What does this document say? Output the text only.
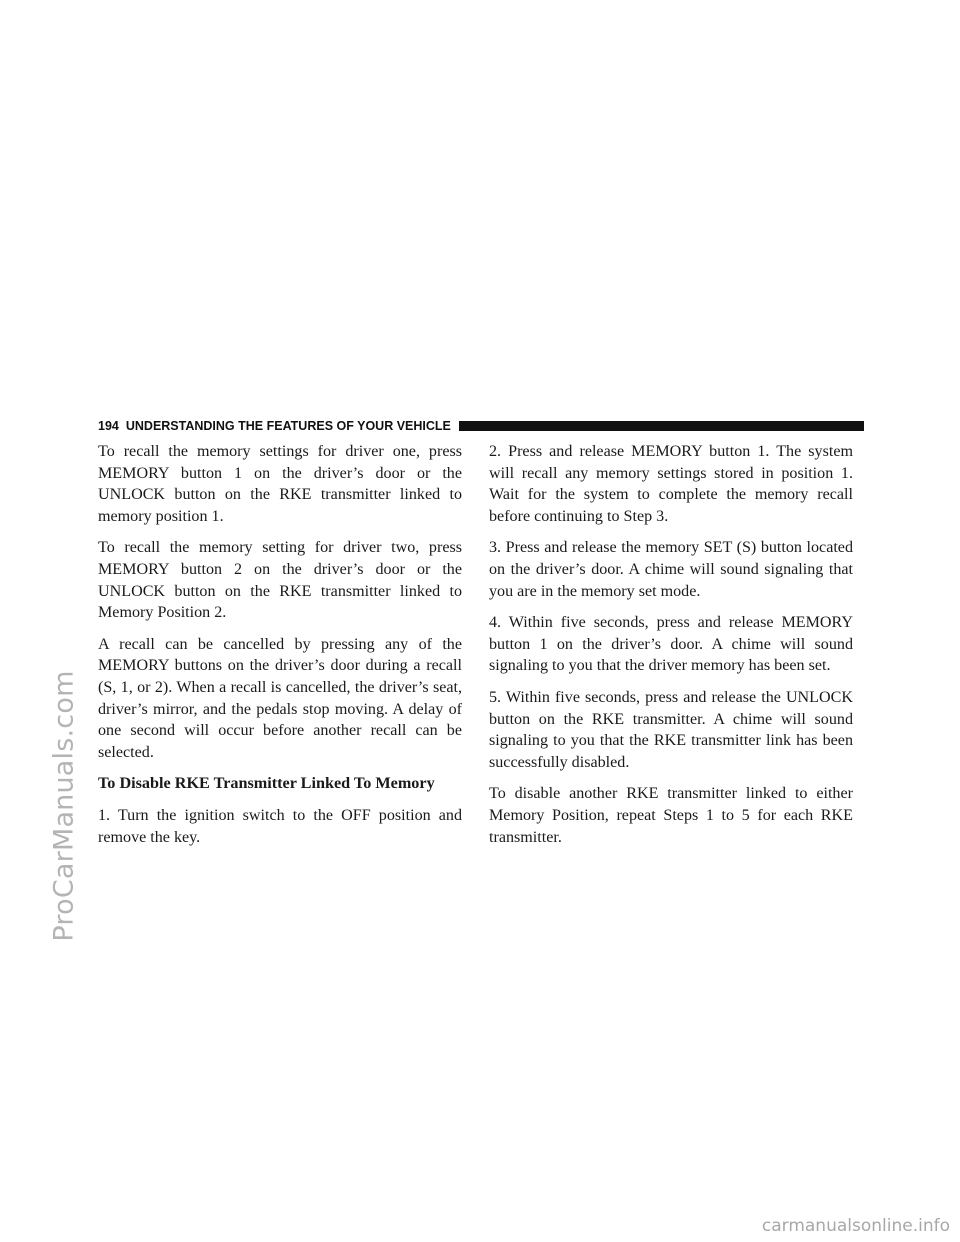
ProCarManuals.com
194 UNDERSTANDING THE FEATURES OF YOUR VEHICLE

To recall the memory settings for driver one, press MEMORY button 1 on the driver’s door or the UNLOCK button on the RKE transmitter linked to memory position 1.

To recall the memory setting for driver two, press MEMORY button 2 on the driver’s door or the UNLOCK button on the RKE transmitter linked to Memory Position 2.

A recall can be cancelled by pressing any of the MEMORY buttons on the driver’s door during a recall (S, 1, or 2). When a recall is cancelled, the driver’s seat, driver’s mirror, and the pedals stop moving. A delay of one second will occur before another recall can be selected.

To Disable RKE Transmitter Linked To Memory

1. Turn the ignition switch to the OFF position and remove the key.

2. Press and release MEMORY button 1. The system will recall any memory settings stored in position 1. Wait for the system to complete the memory recall before continuing to Step 3.

3. Press and release the memory SET (S) button located on the driver’s door. A chime will sound signaling that you are in the memory set mode.

4. Within five seconds, press and release MEMORY button 1 on the driver’s door. A chime will sound signaling to you that the driver memory has been set.

5. Within five seconds, press and release the UNLOCK button on the RKE transmitter. A chime will sound signaling to you that the RKE transmitter link has been successfully disabled.

To disable another RKE transmitter linked to either Memory Position, repeat Steps 1 to 5 for each RKE transmitter.

carmanualsonline.info
